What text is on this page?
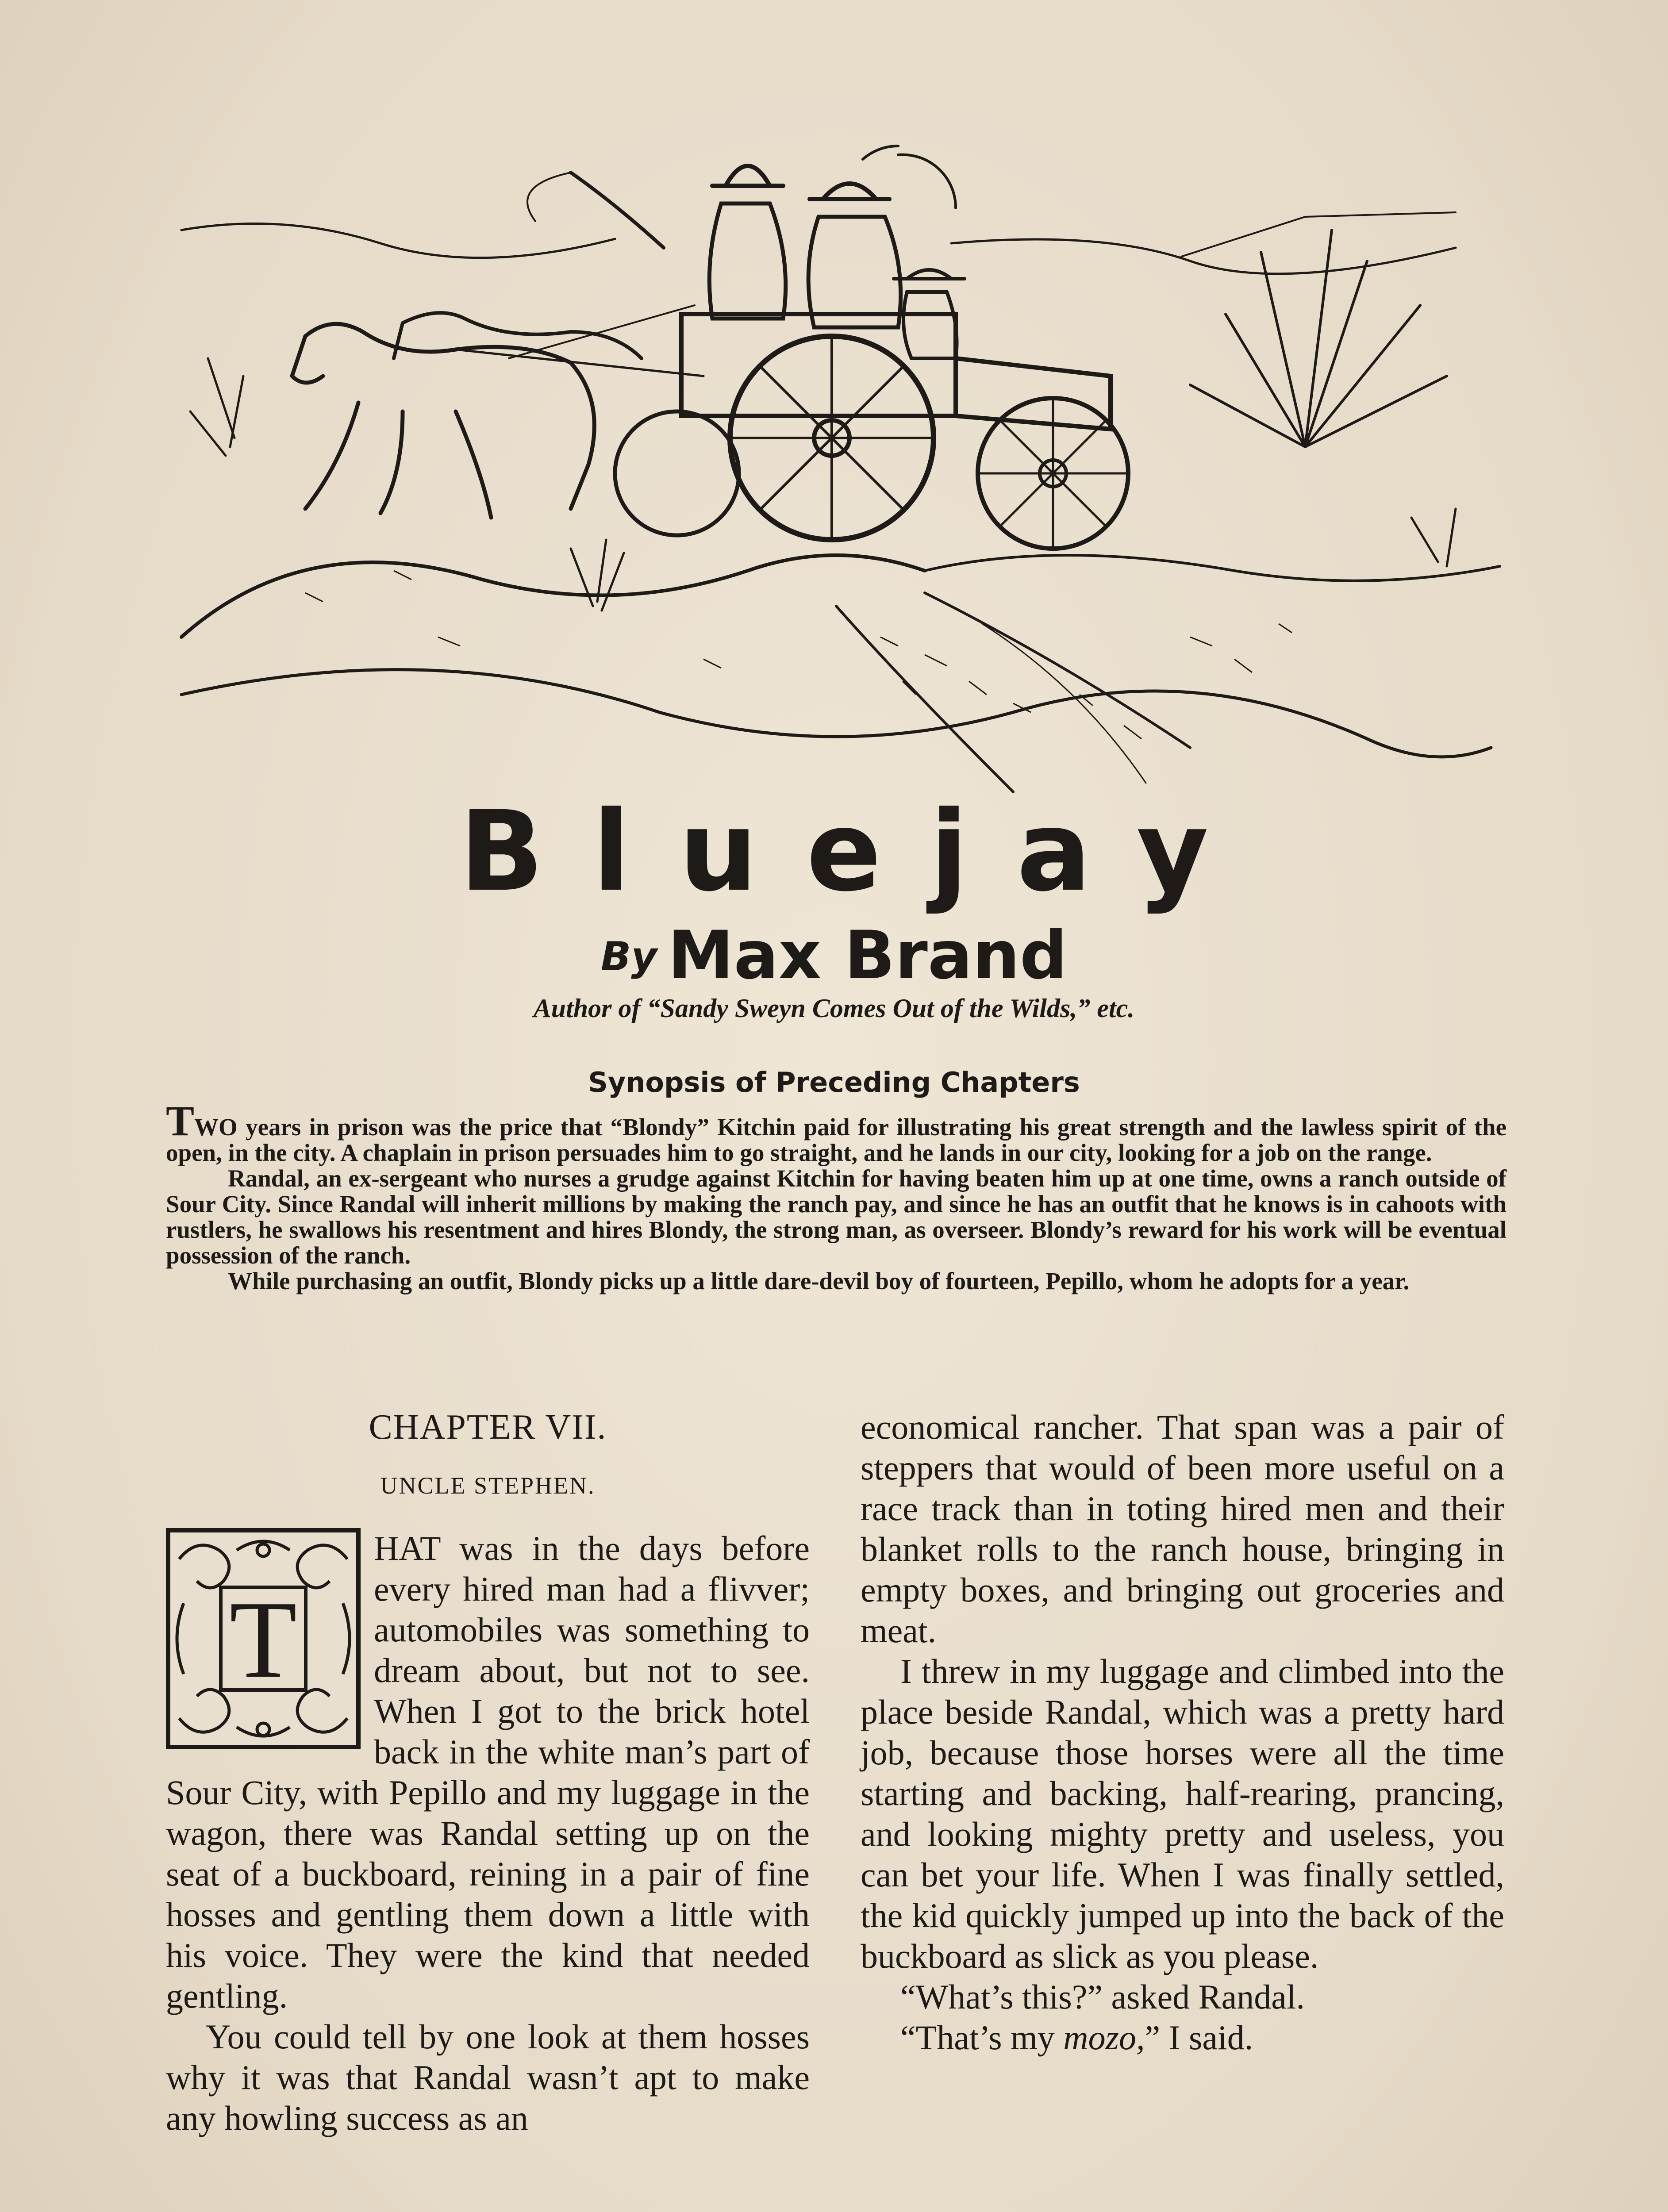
Bluejay
By Max Brand
Author of “Sandy Sweyn Comes Out of the Wilds,” etc.
Synopsis of Preceding Chapters

TWO years in prison was the price that “Blondy” Kitchin paid for illustrating his great strength and the lawless spirit of the open, in the city. A chaplain in prison persuades him to go straight, and he lands in our city, looking for a job on the range.

Randal, an ex-sergeant who nurses a grudge against Kitchin for having beaten him up at one time, owns a ranch outside of Sour City. Since Randal will inherit millions by making the ranch pay, and since he has an outfit that he knows is in cahoots with rustlers, he swallows his resentment and hires Blondy, the strong man, as overseer. Blondy’s reward for his work will be eventual possession of the ranch.

While purchasing an outfit, Blondy picks up a little dare-devil boy of fourteen, Pepillo, whom he adopts for a year.

CHAPTER VII.
UNCLE STEPHEN.

T
HAT was in the days before every hired man had a flivver; automobiles was something to dream about, but not to see. When I got to the brick hotel back in the white man’s part of Sour City, with Pepillo and my luggage in the wagon, there was Randal setting up on the seat of a buckboard, reining in a pair of fine hosses and gentling them down a little with his voice. They were the kind that needed gentling.

You could tell by one look at them hosses why it was that Randal wasn’t apt to make any howling success as an

economical rancher. That span was a pair of steppers that would of been more useful on a race track than in toting hired men and their blanket rolls to the ranch house, bringing in empty boxes, and bringing out groceries and meat.

I threw in my luggage and climbed into the place beside Randal, which was a pretty hard job, because those horses were all the time starting and backing, half-rearing, prancing, and looking mighty pretty and useless, you can bet your life. When I was finally settled, the kid quickly jumped up into the back of the buckboard as slick as you please.

“What’s this?” asked Randal.

“That’s my mozo,” I said.
